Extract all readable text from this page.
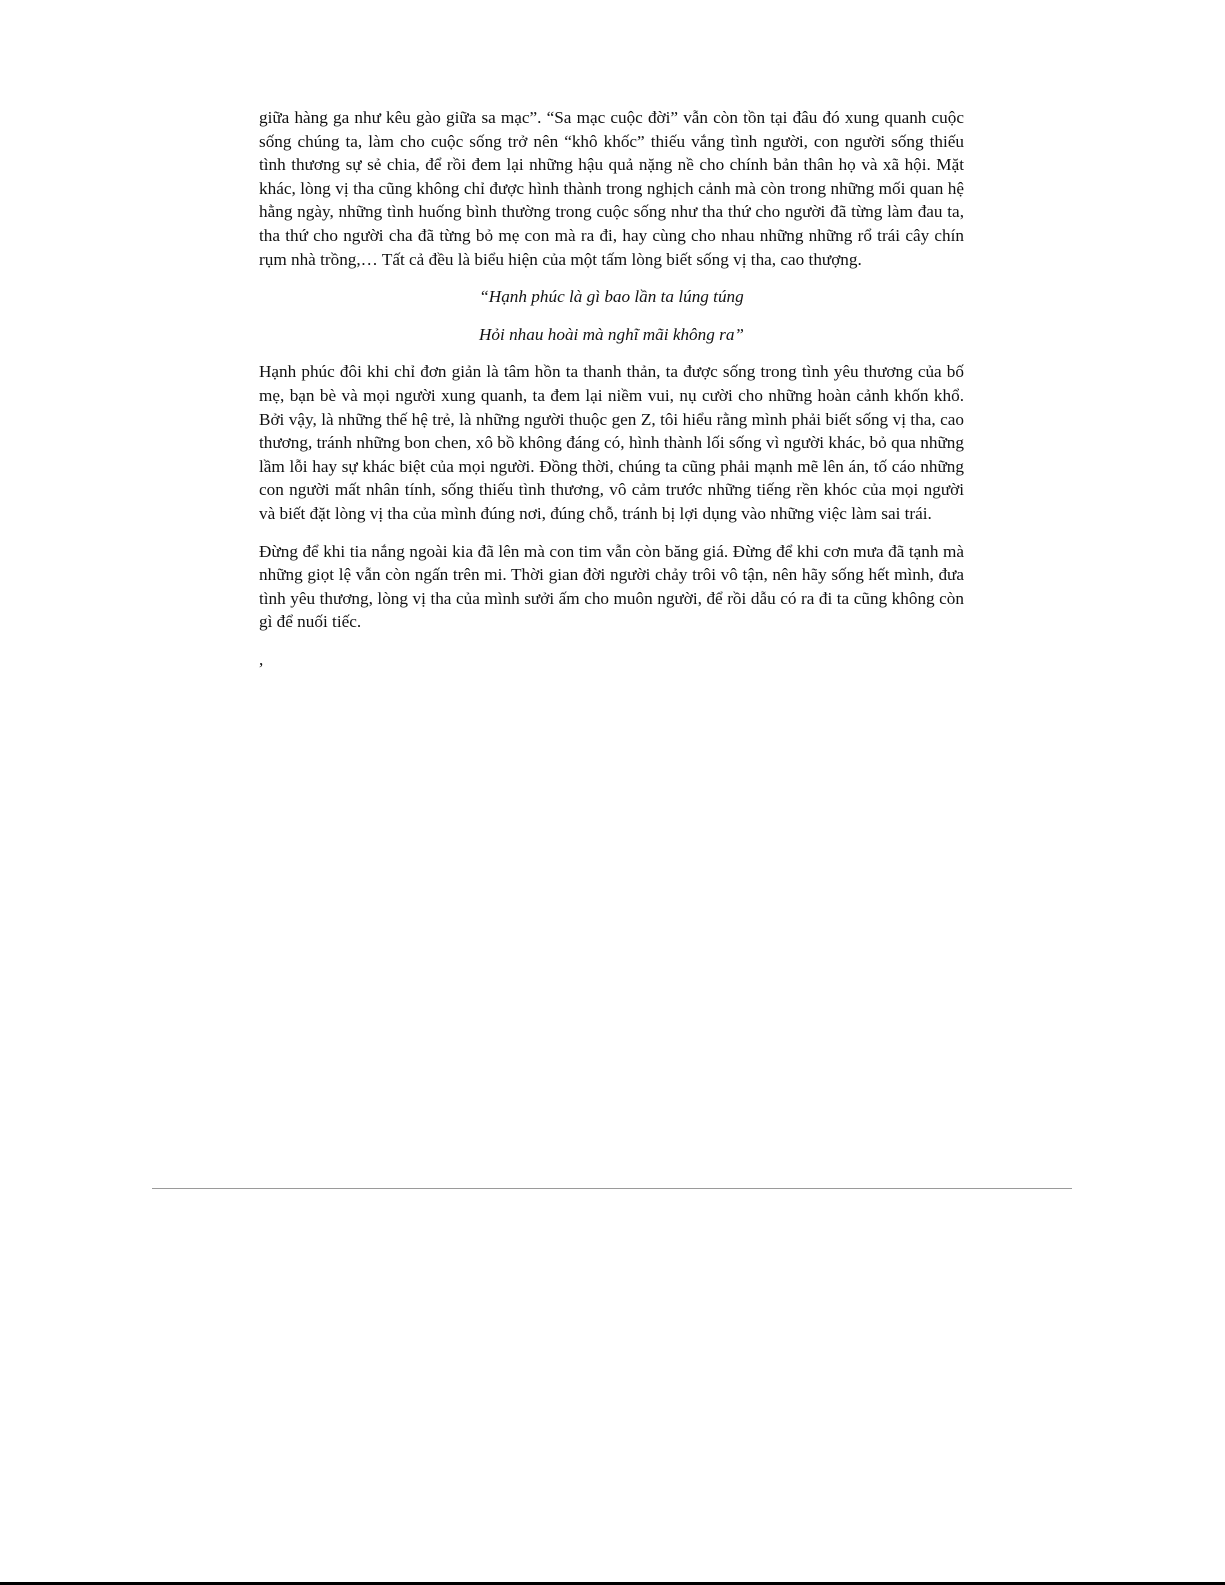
giữa hàng ga như kêu gào giữa sa mạc”. “Sa mạc cuộc đời” vẫn còn tồn tại đâu đó xung quanh cuộc sống chúng ta, làm cho cuộc sống trở nên “khô khốc” thiếu vắng tình người, con người sống thiếu tình thương sự sẻ chia, để rồi đem lại những hậu quả nặng nề cho chính bản thân họ và xã hội. Mặt khác, lòng vị tha cũng không chỉ được hình thành trong nghịch cảnh mà còn trong những mối quan hệ hằng ngày, những tình huống bình thường trong cuộc sống như tha thứ cho người đã từng làm đau ta, tha thứ cho người cha đã từng bỏ mẹ con mà ra đi, hay cùng cho nhau những những rổ trái cây chín rụm nhà trồng,… Tất cả đều là biểu hiện của một tấm lòng biết sống vị tha, cao thượng.

“Hạnh phúc là gì bao lần ta lúng túng

Hỏi nhau hoài mà nghĩ mãi không ra”

Hạnh phúc đôi khi chỉ đơn giản là tâm hồn ta thanh thản, ta được sống trong tình yêu thương của bố mẹ, bạn bè và mọi người xung quanh, ta đem lại niềm vui, nụ cười cho những hoàn cảnh khốn khổ. Bởi vậy, là những thế hệ trẻ, là những người thuộc gen Z, tôi hiểu rằng mình phải biết sống vị tha, cao thương, tránh những bon chen, xô bồ không đáng có, hình thành lối sống vì người khác, bỏ qua những lầm lỗi hay sự khác biệt của mọi người. Đồng thời, chúng ta cũng phải mạnh mẽ lên án, tố cáo những con người mất nhân tính, sống thiếu tình thương, vô cảm trước những tiếng rền khóc của mọi người và biết đặt lòng vị tha của mình đúng nơi, đúng chỗ, tránh bị lợi dụng vào những việc làm sai trái.

Đừng để khi tia nắng ngoài kia đã lên mà con tim vẫn còn băng giá. Đừng để khi cơn mưa đã tạnh mà những giọt lệ vẫn còn ngấn trên mi. Thời gian đời người chảy trôi vô tận, nên hãy sống hết mình, đưa tình yêu thương, lòng vị tha của mình sưởi ấm cho muôn người, để rồi dẫu có ra đi ta cũng không còn gì để nuối tiếc.

,
